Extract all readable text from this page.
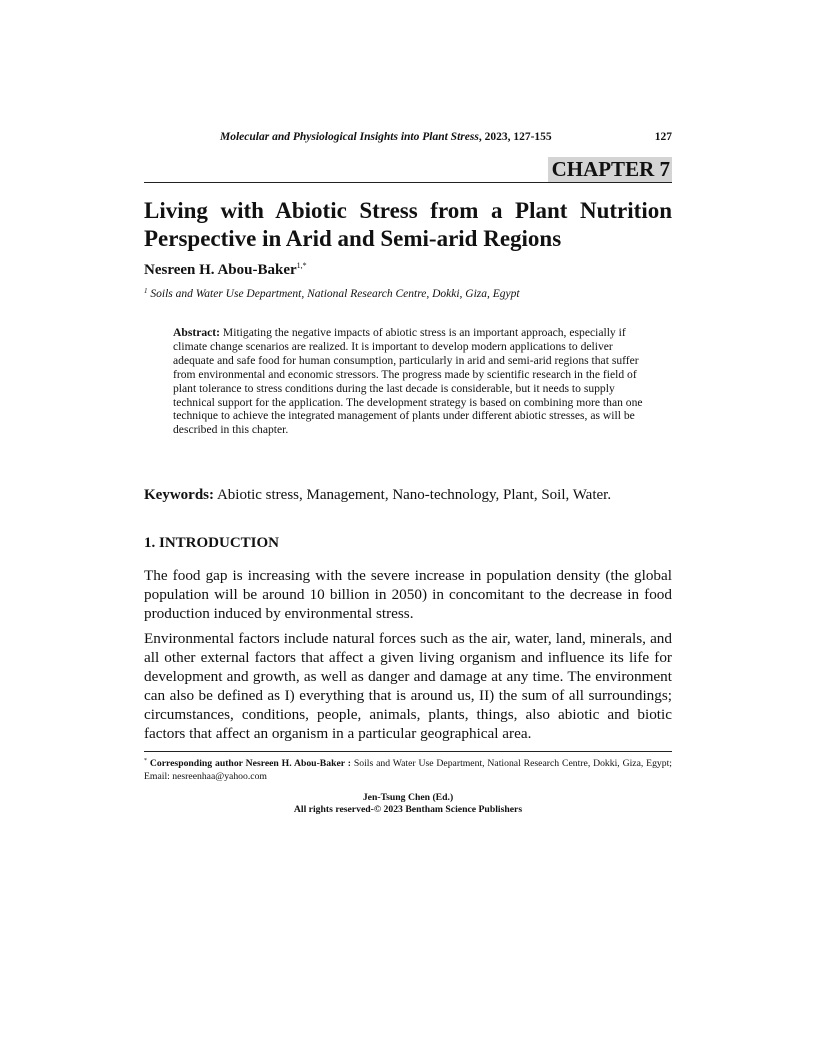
Molecular and Physiological Insights into Plant Stress, 2023, 127-155	127
CHAPTER 7
Living with Abiotic Stress from a Plant Nutrition
Perspective in Arid and Semi-arid Regions
Nesreen H. Abou-Baker$^{1,*}$
$^1$ Soils and Water Use Department, National Research Centre, Dokki, Giza, Egypt
Abstract: Mitigating the negative impacts of abiotic stress is an important approach, especially if climate change scenarios are realized. It is important to develop modern applications to deliver adequate and safe food for human consumption, particularly in arid and semi-arid regions that suffer from environmental and economic stressors. The progress made by scientific research in the field of plant tolerance to stress conditions during the last decade is considerable, but it needs to supply technical support for the application. The development strategy is based on combining more than one technique to achieve the integrated management of plants under different abiotic stresses, as will be described in this chapter.
Keywords: Abiotic stress, Management, Nano-technology, Plant, Soil, Water.
1. INTRODUCTION

The food gap is increasing with the severe increase in population density (the global population will be around 10 billion in 2050) in concomitant to the decrease in food production induced by environmental stress.

Environmental factors include natural forces such as the air, water, land, minerals, and all other external factors that affect a given living organism and influence its life for development and growth, as well as danger and damage at any time. The environment can also be defined as I) everything that is around us, II) the sum of all surroundings; circumstances, conditions, people, animals, plants, things, also abiotic and biotic factors that affect an organism in a particular geographical area.

* Corresponding author Nesreen H. Abou-Baker : Soils and Water Use Department, National Research Centre, Dokki, Giza, Egypt; Email: nesreenhaa@yahoo.com
Jen-Tsung Chen (Ed.)
All rights reserved-© 2023 Bentham Science Publishers
